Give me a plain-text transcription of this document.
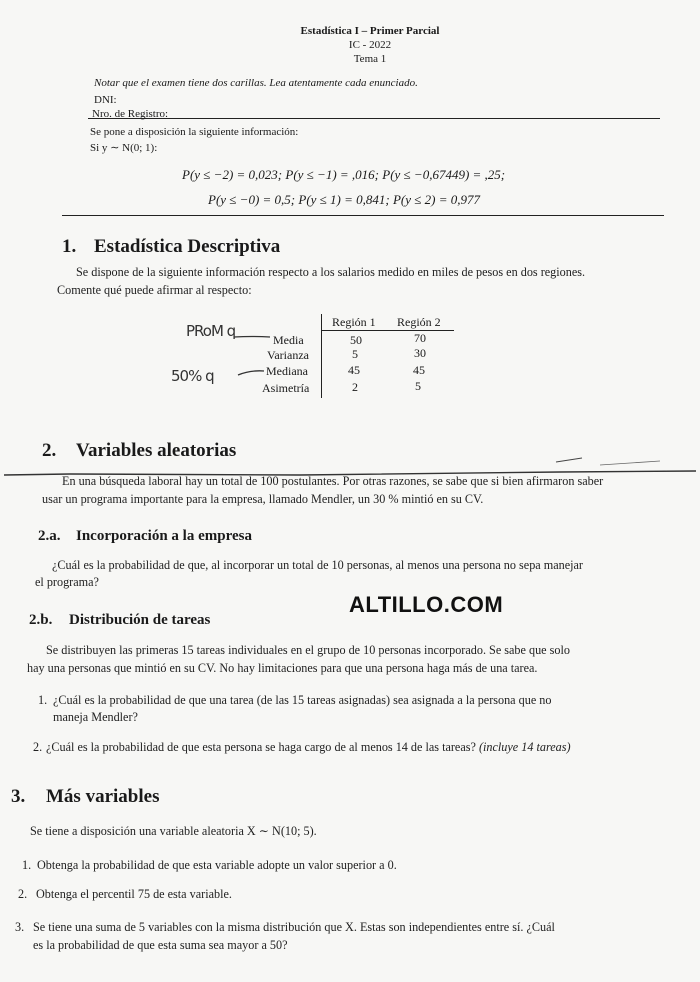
Estadística I – Primer Parcial
IC - 2022
Tema 1
Notar que el examen tiene dos carillas. Lea atentamente cada enunciado.
DNI:
Nro. de Registro:
Se pone a disposición la siguiente información:
Si y ∼ N(0; 1):
P(y ≤ −2) = 0,023; P(y ≤ −1) = ,016; P(y ≤ −0,67449) = ,25;
P(y ≤ −0) = 0,5; P(y ≤ 1) = 0,841; P(y ≤ 2) = 0,977
1. Estadística Descriptiva
Se dispone de la siguiente información respecto a los salarios medido en miles de pesos en dos regiones.
Comente qué puede afirmar al respecto:
Región 1 Región 2
Media	50	70
Varianza	5	30
Mediana	45	45
Asimetría	2	5
PRoM q
50% q
2. Variables aleatorias
En una búsqueda laboral hay un total de 100 postulantes. Por otras razones, se sabe que si bien afirmaron saber
usar un programa importante para la empresa, llamado Mendler, un 30 % mintió en su CV.
2.a. Incorporación a la empresa
¿Cuál es la probabilidad de que, al incorporar un total de 10 personas, al menos una persona no sepa manejar
el programa?
ALTILLO.COM
2.b. Distribución de tareas
Se distribuyen las primeras 15 tareas individuales en el grupo de 10 personas incorporado. Se sabe que solo
hay una personas que mintió en su CV. No hay limitaciones para que una persona haga más de una tarea.
1. ¿Cuál es la probabilidad de que una tarea (de las 15 tareas asignadas) sea asignada a la persona que no
maneja Mendler?
2. ¿Cuál es la probabilidad de que esta persona se haga cargo de al menos 14 de las tareas? (incluye 14 tareas)
3. Más variables
Se tiene a disposición una variable aleatoria X ∼ N(10; 5).
1. Obtenga la probabilidad de que esta variable adopte un valor superior a 0.
2. Obtenga el percentil 75 de esta variable.
3. Se tiene una suma de 5 variables con la misma distribución que X. Estas son independientes entre sí. ¿Cuál
es la probabilidad de que esta suma sea mayor a 50?
